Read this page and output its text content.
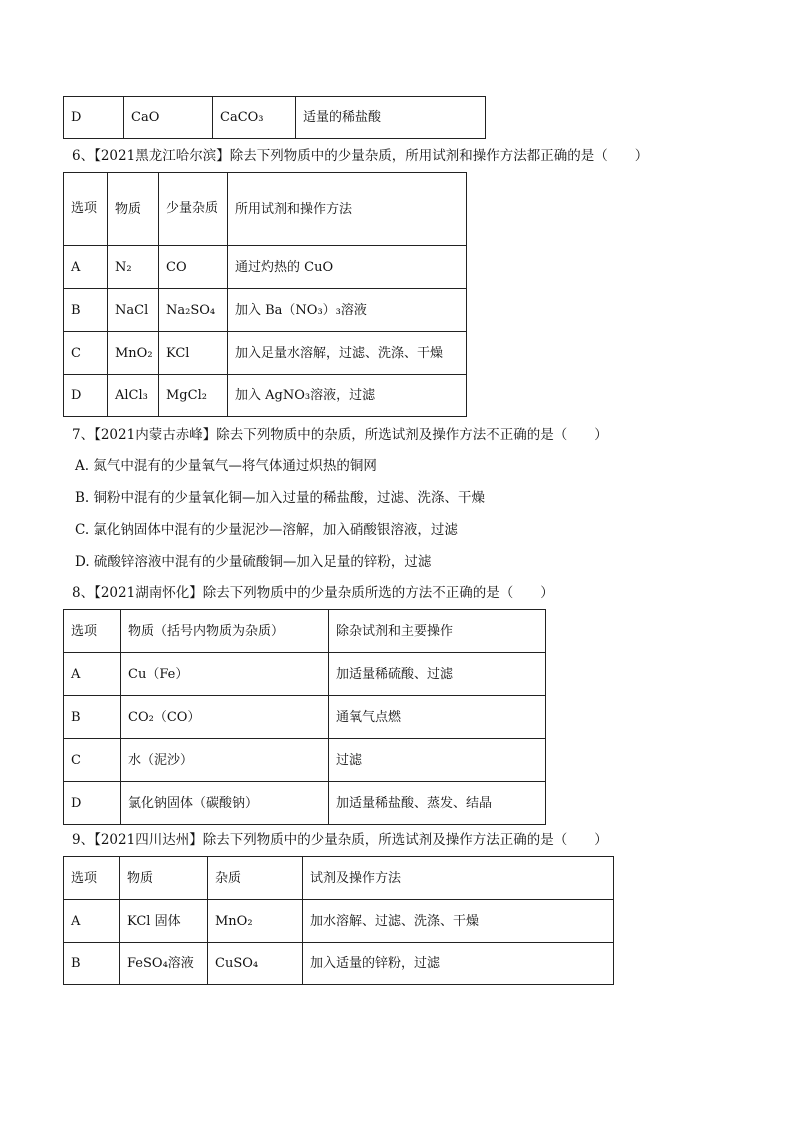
D	CaO	CaCO₃	适量的稀盐酸
6、【2021黑龙江哈尔滨】除去下列物质中的少量杂质，所用试剂和操作方法都正确的是（　　）
选项	物质	少量杂质	所用试剂和操作方法
A	N₂	CO	通过灼热的 CuO
B	NaCl	Na₂SO₄	加入 Ba（NO₃）₃溶液
C	MnO₂	KCl	加入足量水溶解，过滤、洗涤、干燥
D	AlCl₃	MgCl₂	加入 AgNO₃溶液，过滤
7、【2021内蒙古赤峰】除去下列物质中的杂质，所选试剂及操作方法不正确的是（　　）
A. 氮气中混有的少量氧气—将气体通过炽热的铜网
B. 铜粉中混有的少量氧化铜—加入过量的稀盐酸，过滤、洗涤、干燥
C. 氯化钠固体中混有的少量泥沙—溶解，加入硝酸银溶液，过滤
D. 硫酸锌溶液中混有的少量硫酸铜—加入足量的锌粉，过滤
8、【2021湖南怀化】除去下列物质中的少量杂质所选的方法不正确的是（　　）
选项	物质（括号内物质为杂质）	除杂试剂和主要操作
A	Cu（Fe）	加适量稀硫酸、过滤
B	CO₂（CO）	通氧气点燃
C	水（泥沙）	过滤
D	氯化钠固体（碳酸钠）	加适量稀盐酸、蒸发、结晶
9、【2021四川达州】除去下列物质中的少量杂质，所选试剂及操作方法正确的是（　　）
选项	物质	杂质	试剂及操作方法
A	KCl 固体	MnO₂	加水溶解、过滤、洗涤、干燥
B	FeSO₄溶液	CuSO₄	加入适量的锌粉，过滤
